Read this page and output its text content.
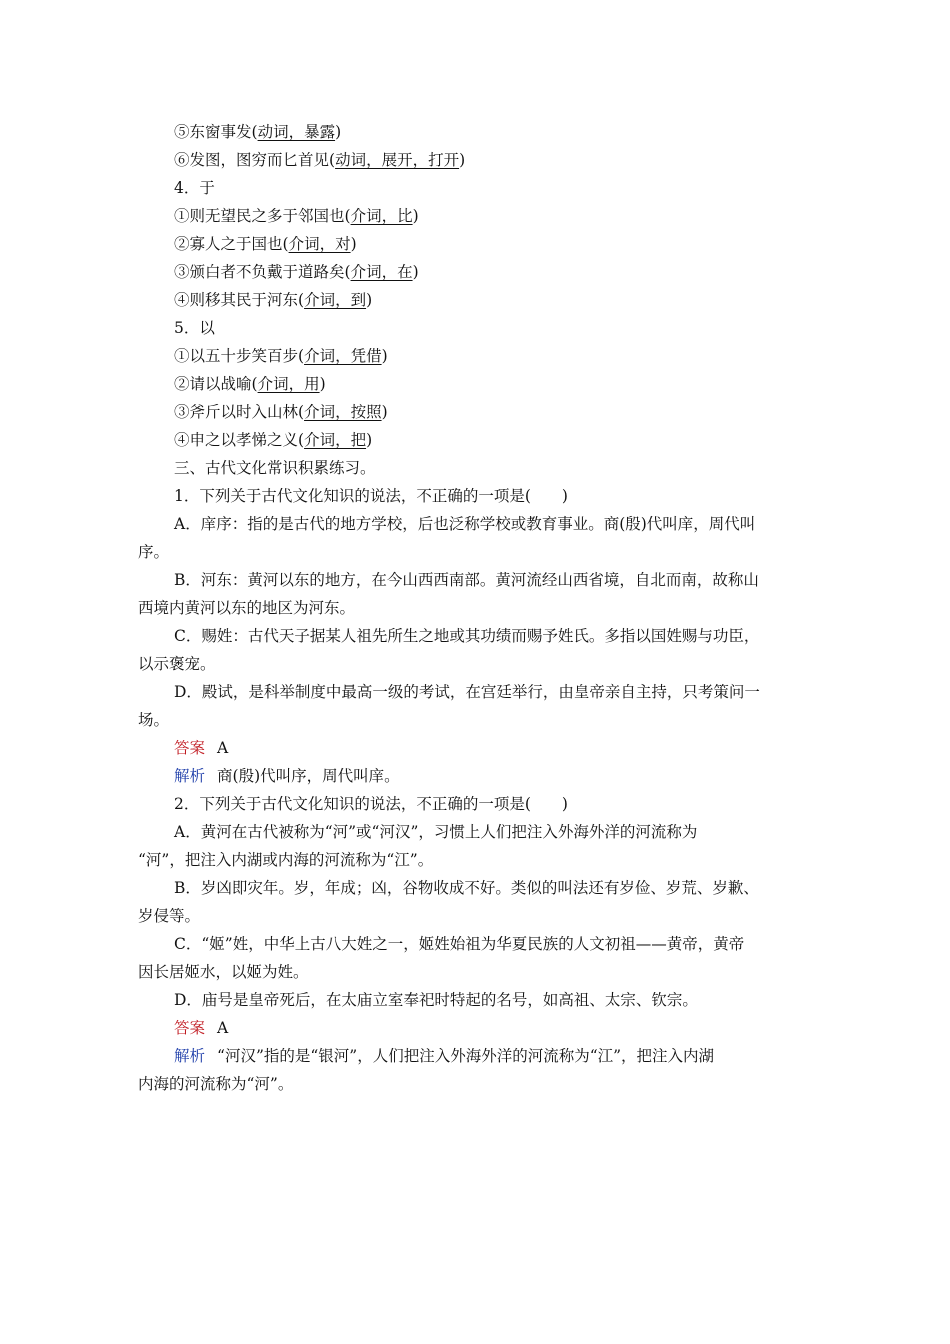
⑤东窗事发(动词，暴露)
⑥发图，图穷而匕首见(动词，展开，打开)
4．于
①则无望民之多于邻国也(介词，比)
②寡人之于国也(介词，对)
③颁白者不负戴于道路矣(介词，在)
④则移其民于河东(介词，到)
5．以
①以五十步笑百步(介词，凭借)
②请以战喻(介词，用)
③斧斤以时入山林(介词，按照)
④申之以孝悌之义(介词，把)
三、古代文化常识积累练习。
1．下列关于古代文化知识的说法，不正确的一项是(　　)
A．庠序：指的是古代的地方学校，后也泛称学校或教育事业。商(殷)代叫庠，周代叫
序。
B．河东：黄河以东的地方，在今山西西南部。黄河流经山西省境，自北而南，故称山
西境内黄河以东的地区为河东。
C．赐姓：古代天子据某人祖先所生之地或其功绩而赐予姓氏。多指以国姓赐与功臣，
以示褒宠。
D．殿试，是科举制度中最高一级的考试，在宫廷举行，由皇帝亲自主持，只考策问一
场。
答案 A
解析 商(殷)代叫序，周代叫庠。
2．下列关于古代文化知识的说法，不正确的一项是(　　)
A．黄河在古代被称为“河”或“河汉”，习惯上人们把注入外海外洋的河流称为
“河”，把注入内湖或内海的河流称为“江”。
B．岁凶即灾年。岁，年成；凶，谷物收成不好。类似的叫法还有岁俭、岁荒、岁歉、
岁侵等。
C．“姬”姓，中华上古八大姓之一，姬姓始祖为华夏民族的人文初祖——黄帝，黄帝
因长居姬水，以姬为姓。
D．庙号是皇帝死后，在太庙立室奉祀时特起的名号，如高祖、太宗、钦宗。
答案 A
解析 “河汉”指的是“银河”，人们把注入外海外洋的河流称为“江”，把注入内湖
内海的河流称为“河”。
